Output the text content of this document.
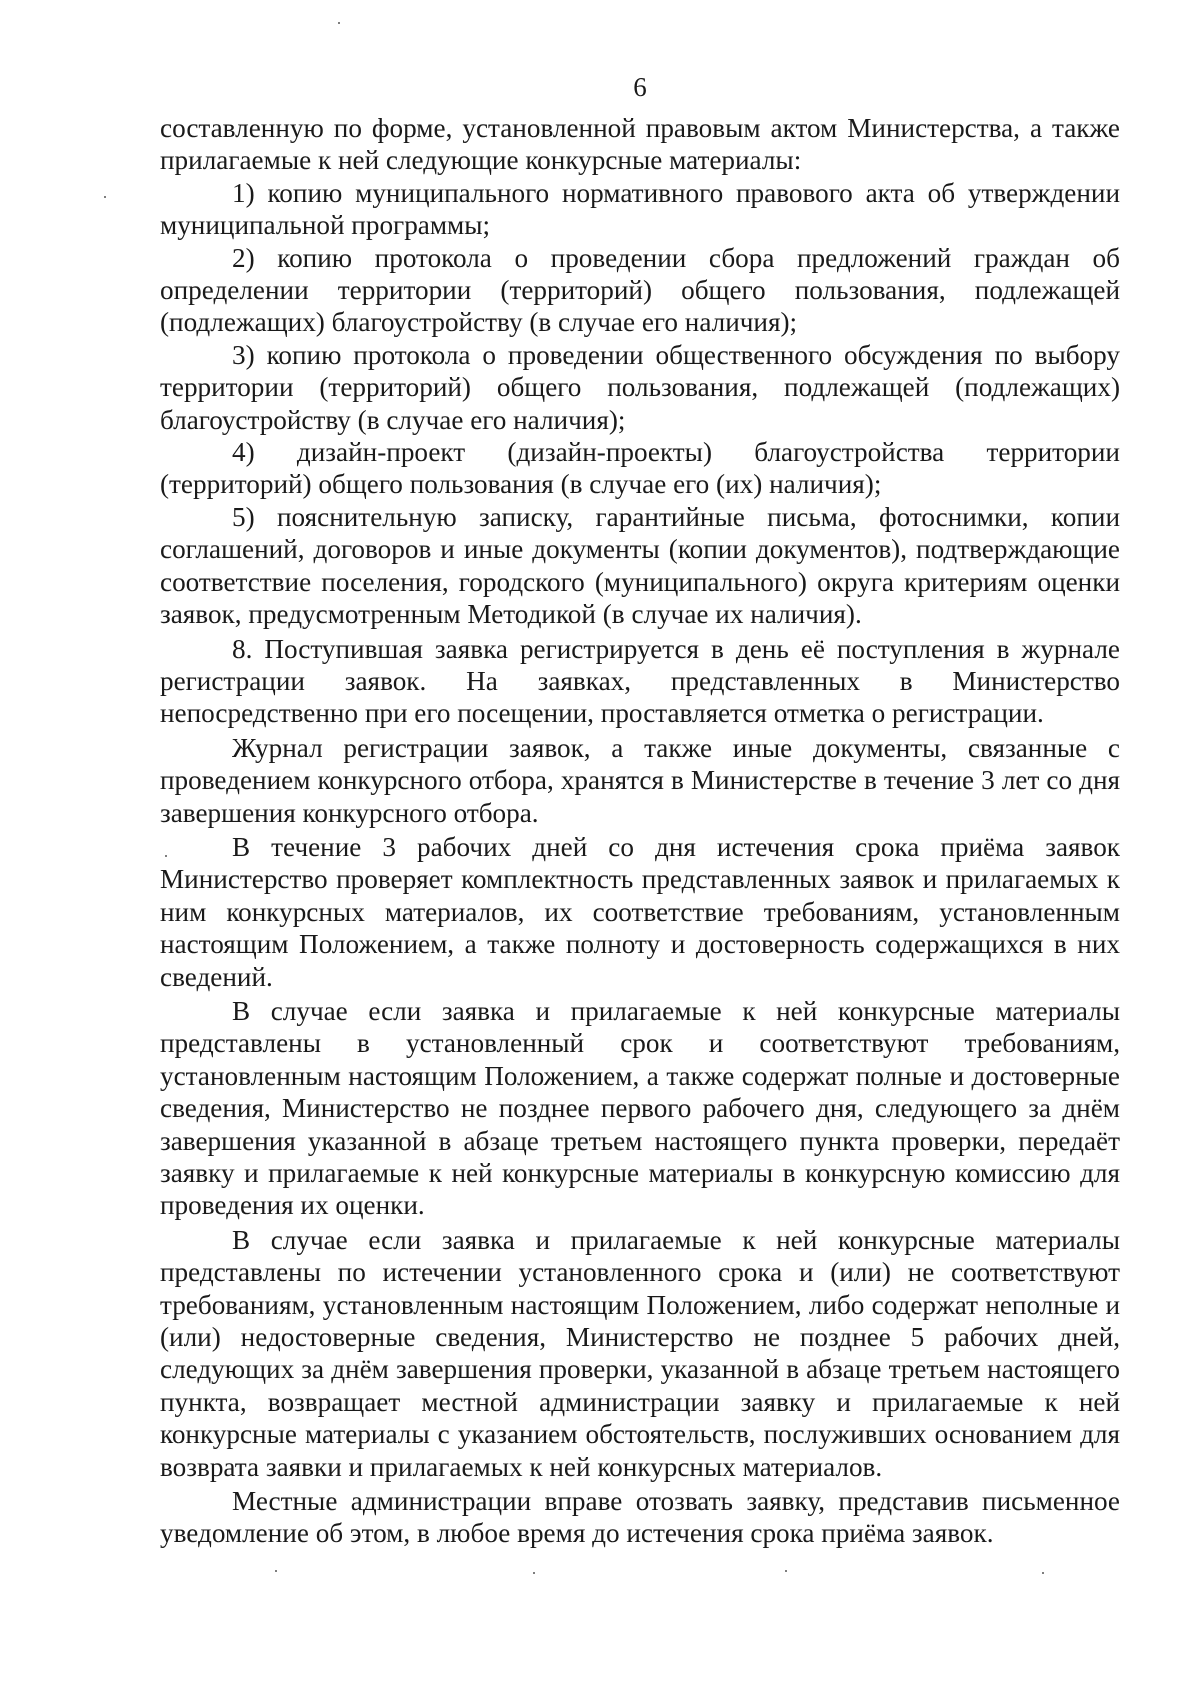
6

составленную по форме, установленной правовым актом Министерства, а также прилагаемые к ней следующие конкурсные материалы:

1) копию муниципального нормативного правового акта об утверждении муниципальной программы;

2) копию протокола о проведении сбора предложений граждан об определении территории (территорий) общего пользования, подлежащей (подлежащих) благоустройству (в случае его наличия);

3) копию протокола о проведении общественного обсуждения по выбору территории (территорий) общего пользования, подлежащей (подлежащих) благоустройству (в случае его наличия);

4) дизайн-проект (дизайн-проекты) благоустройства территории (территорий) общего пользования (в случае его (их) наличия);

5) пояснительную записку, гарантийные письма, фотоснимки, копии соглашений, договоров и иные документы (копии документов), подтверждающие соответствие поселения, городского (муниципального) округа критериям оценки заявок, предусмотренным Методикой (в случае их наличия).

8. Поступившая заявка регистрируется в день её поступления в журнале регистрации заявок. На заявках, представленных в Министерство непосредственно при его посещении, проставляется отметка о регистрации.

Журнал регистрации заявок, а также иные документы, связанные с проведением конкурсного отбора, хранятся в Министерстве в течение 3 лет со дня завершения конкурсного отбора.

В течение 3 рабочих дней со дня истечения срока приёма заявок Министерство проверяет комплектность представленных заявок и прилагаемых к ним конкурсных материалов, их соответствие требованиям, установленным настоящим Положением, а также полноту и достоверность содержащихся в них сведений.

В случае если заявка и прилагаемые к ней конкурсные материалы представлены в установленный срок и соответствуют требованиям, установленным настоящим Положением, а также содержат полные и достоверные сведения, Министерство не позднее первого рабочего дня, следующего за днём завершения указанной в абзаце третьем настоящего пункта проверки, передаёт заявку и прилагаемые к ней конкурсные материалы в конкурсную комиссию для проведения их оценки.

В случае если заявка и прилагаемые к ней конкурсные материалы представлены по истечении установленного срока и (или) не соответствуют требованиям, установленным настоящим Положением, либо содержат неполные и (или) недостоверные сведения, Министерство не позднее 5 рабочих дней, следующих за днём завершения проверки, указанной в абзаце третьем настоящего пункта, возвращает местной администрации заявку и прилагаемые к ней конкурсные материалы с указанием обстоятельств, послуживших основанием для возврата заявки и прилагаемых к ней конкурсных материалов.

Местные администрации вправе отозвать заявку, представив письменное уведомление об этом, в любое время до истечения срока приёма заявок.
